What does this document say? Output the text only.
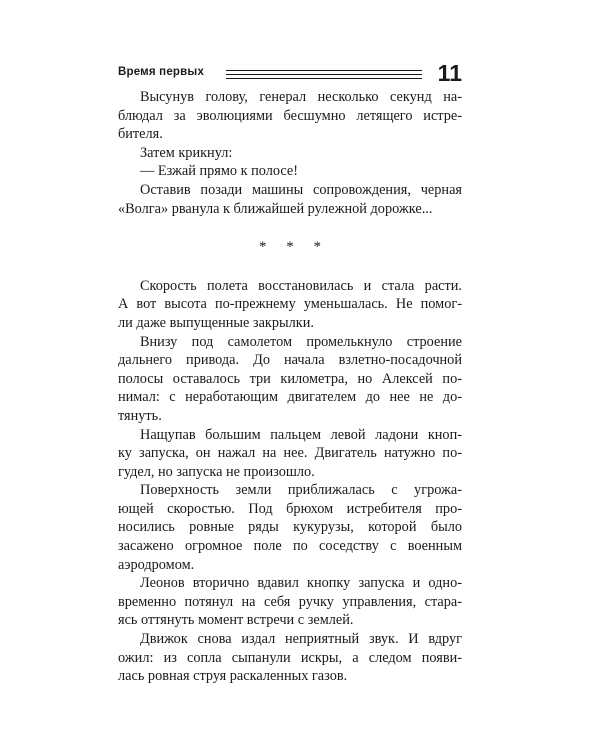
Время первых	11
Высунув голову, генерал несколько секунд на-
блюдал за эволюциями бесшумно летящего истре-
бителя.
Затем крикнул:
— Езжай прямо к полосе!
Оставив позади машины сопровождения, черная
«Волга» рванула к ближайшей рулежной дорожке...
* * *
Скорость полета восстановилась и стала расти.
А вот высота по-прежнему уменьшалась. Не помог-
ли даже выпущенные закрылки.
Внизу под самолетом промелькнуло строение
дальнего привода. До начала взлетно-посадочной
полосы оставалось три километра, но Алексей по-
нимал: с неработающим двигателем до нее не до-
тянуть.
Нащупав большим пальцем левой ладони кноп-
ку запуска, он нажал на нее. Двигатель натужно по-
гудел, но запуска не произошло.
Поверхность земли приближалась с угрожа-
ющей скоростью. Под брюхом истребителя про-
носились ровные ряды кукурузы, которой было
засажено огромное поле по соседству с военным
аэродромом.
Леонов вторично вдавил кнопку запуска и одно-
временно потянул на себя ручку управления, стара-
ясь оттянуть момент встречи с землей.
Движок снова издал неприятный звук. И вдруг
ожил: из сопла сыпанули искры, а следом появи-
лась ровная струя раскаленных газов.
